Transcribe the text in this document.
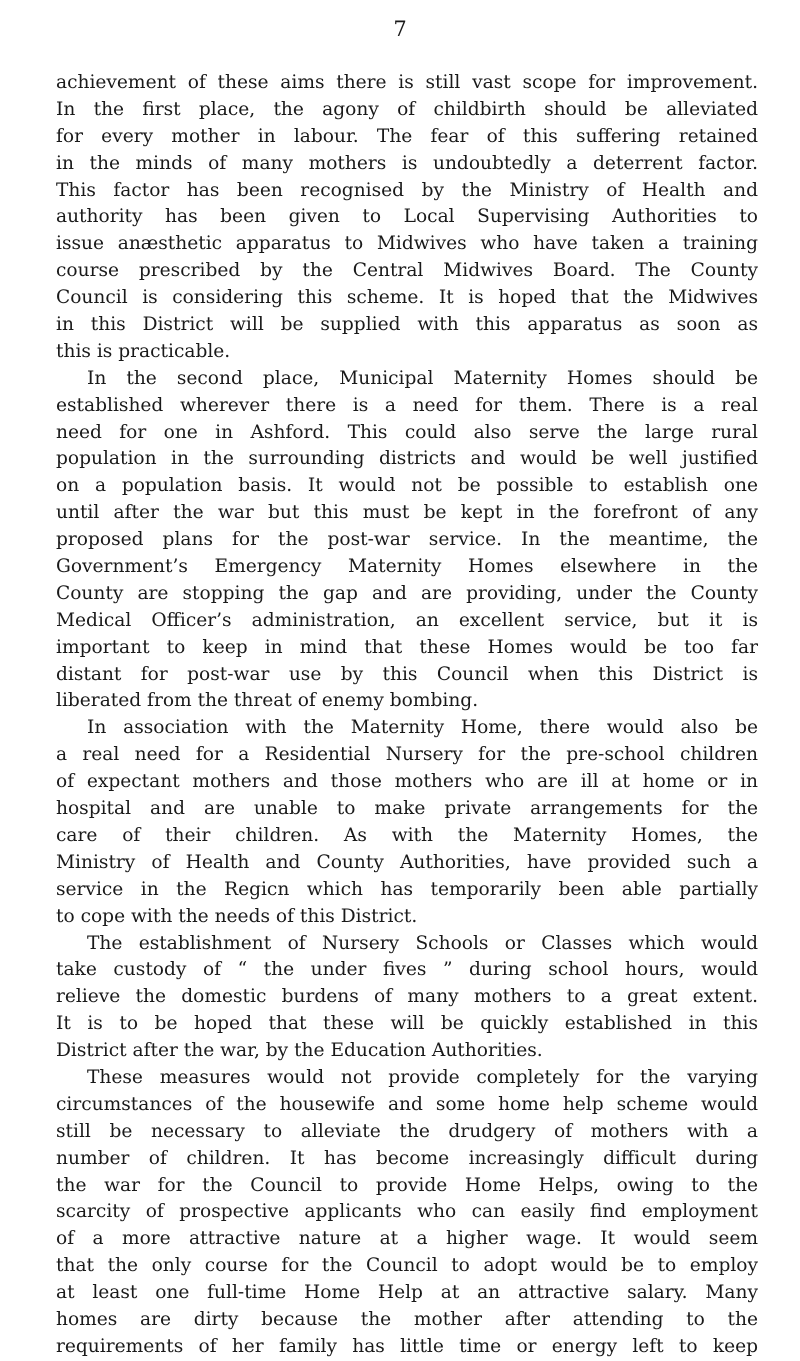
7
achievement of these aims there is still vast scope for improvement.
In the first place, the agony of childbirth should be alleviated
for every mother in labour. The fear of this suffering retained
in the minds of many mothers is undoubtedly a deterrent factor.
This factor has been recognised by the Ministry of Health and
authority has been given to Local Supervising Authorities to
issue anæsthetic apparatus to Midwives who have taken a training
course prescribed by the Central Midwives Board. The County
Council is considering this scheme. It is hoped that the Midwives
in this District will be supplied with this apparatus as soon as
this is practicable.
In the second place, Municipal Maternity Homes should be
established wherever there is a need for them. There is a real
need for one in Ashford. This could also serve the large rural
population in the surrounding districts and would be well justified
on a population basis. It would not be possible to establish one
until after the war but this must be kept in the forefront of any
proposed plans for the post-war service. In the meantime, the
Government’s Emergency Maternity Homes elsewhere in the
County are stopping the gap and are providing, under the County
Medical Officer’s administration, an excellent service, but it is
important to keep in mind that these Homes would be too far
distant for post-war use by this Council when this District is
liberated from the threat of enemy bombing.
In association with the Maternity Home, there would also be
a real need for a Residential Nursery for the pre-school children
of expectant mothers and those mothers who are ill at home or in
hospital and are unable to make private arrangements for the
care of their children. As with the Maternity Homes, the
Ministry of Health and County Authorities, have provided such a
service in the Regicn which has temporarily been able partially
to cope with the needs of this District.
The establishment of Nursery Schools or Classes which would
take custody of “ the under fives ” during school hours, would
relieve the domestic burdens of many mothers to a great extent.
It is to be hoped that these will be quickly established in this
District after the war, by the Education Authorities.
These measures would not provide completely for the varying
circumstances of the housewife and some home help scheme would
still be necessary to alleviate the drudgery of mothers with a
number of children. It has become increasingly difficult during
the war for the Council to provide Home Helps, owing to the
scarcity of prospective applicants who can easily find employment
of a more attractive nature at a higher wage. It would seem
that the only course for the Council to adopt would be to employ
at least one full-time Home Help at an attractive salary. Many
homes are dirty because the mother after attending to the
requirements of her family has little time or energy left to keep
